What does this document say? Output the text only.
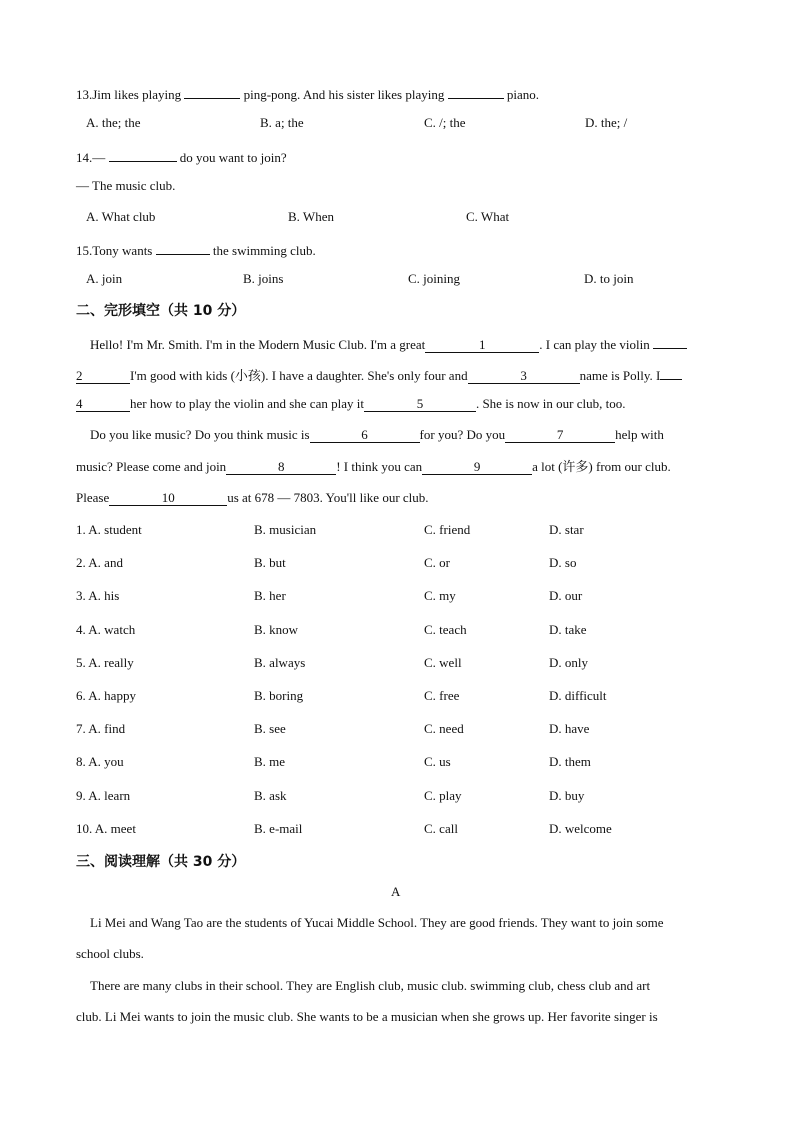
13.Jim likes playing	ping-pong. And his sister likes playing	piano.
A. the; the	B. a; the	C. /; the	D. the; /
14.—	do you want to join?
— The music club.
A. What club	B. When	C. What
15.Tony wants	the swimming club.
A. join	B. joins	C. joining	D. to join
二、完形填空（共 10 分）
Hello! I'm Mr. Smith. I'm in the Modern Music Club. I'm a great	1	. I can play the violin
2	I'm good with kids (小孩). I have a daughter. She's only four and	3	name is Polly. I
4	her how to play the violin and she can play it	5	. She is now in our club, too.
Do you like music? Do you think music is	6	for you? Do you	7	help with
music? Please come and join	8	! I think you can	9	a lot (许多) from our club.
Please	10	us at 678 — 7803. You'll like our club.
1. A. student	B. musician	C. friend	D. star
2. A. and	B. but	C. or	D. so
3. A. his	B. her	C. my	D. our
4. A. watch	B. know	C. teach	D. take
5. A. really	B. always	C. well	D. only
6. A. happy	B. boring	C. free	D. difficult
7. A. find	B. see	C. need	D. have
8. A. you	B. me	C. us	D. them
9. A. learn	B. ask	C. play	D. buy
10. A. meet	B. e-mail	C. call	D. welcome
三、阅读理解（共 30 分）
A
Li Mei and Wang Tao are the students of Yucai Middle School. They are good friends. They want to join some
school clubs.
There are many clubs in their school. They are English club, music club. swimming club, chess club and art
club. Li Mei wants to join the music club. She wants to be a musician when she grows up. Her favorite singer is
